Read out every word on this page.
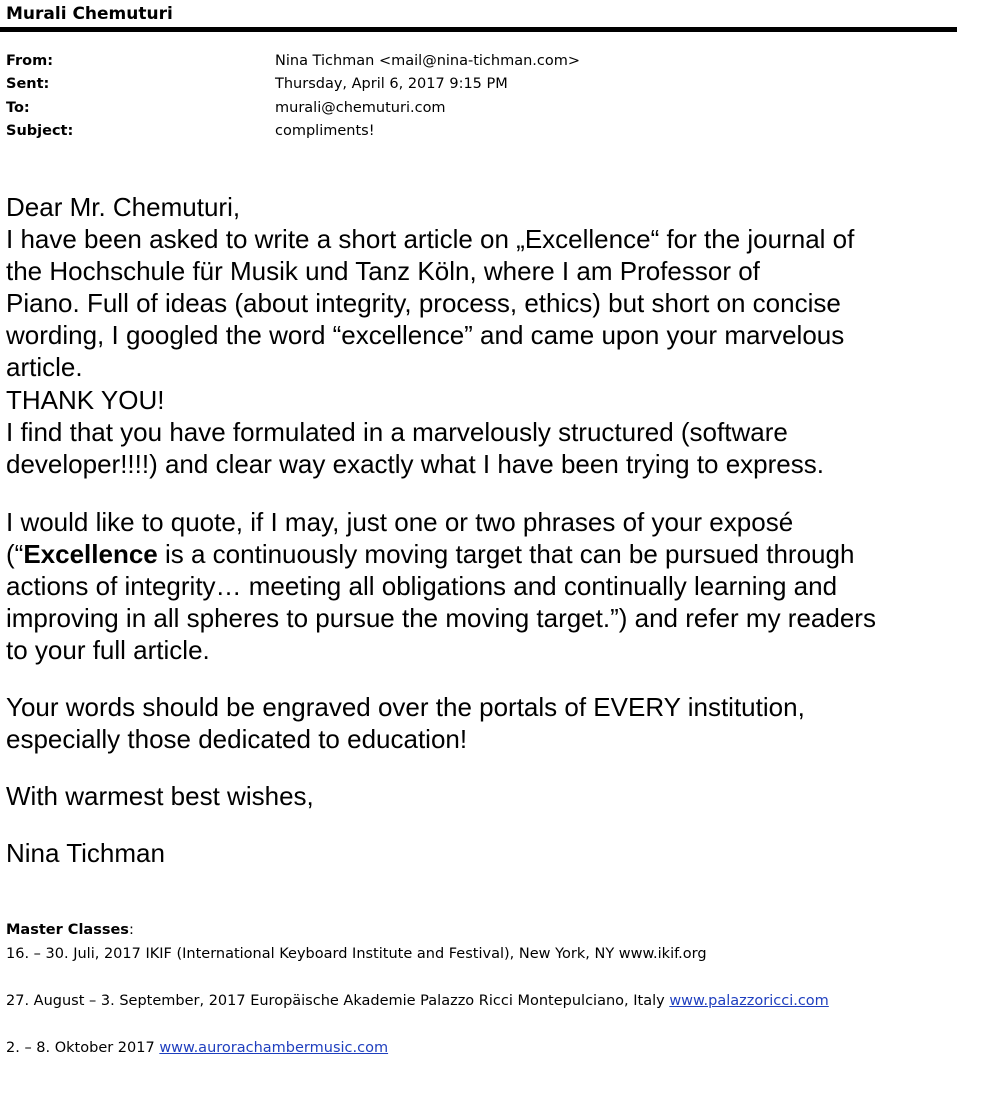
Murali Chemuturi
From:	Nina Tichman <mail@nina-tichman.com>
Sent:	Thursday, April 6, 2017 9:15 PM
To:	murali@chemuturi.com
Subject:	compliments!
Dear Mr. Chemuturi,
I have been asked to write a short article on „Excellence“ for the journal of
the Hochschule für Musik und Tanz Köln, where I am Professor of
Piano. Full of ideas (about integrity, process, ethics) but short on concise
wording, I googled the word “excellence” and came upon your marvelous
article.
THANK YOU!
I find that you have formulated in a marvelously structured (software
developer!!!!) and clear way exactly what I have been trying to express.
I would like to quote, if I may, just one or two phrases of your exposé
(“Excellence is a continuously moving target that can be pursued through
actions of integrity… meeting all obligations and continually learning and
improving in all spheres to pursue the moving target.”) and refer my readers
to your full article.
Your words should be engraved over the portals of EVERY institution,
especially those dedicated to education!
With warmest best wishes,
Nina Tichman
Master Classes:
16. – 30. Juli, 2017 IKIF (International Keyboard Institute and Festival), New York, NY www.ikif.org
27. August – 3. September, 2017 Europäische Akademie Palazzo Ricci Montepulciano, Italy www.palazzoricci.com
2. – 8. Oktober 2017 www.aurorachambermusic.com
